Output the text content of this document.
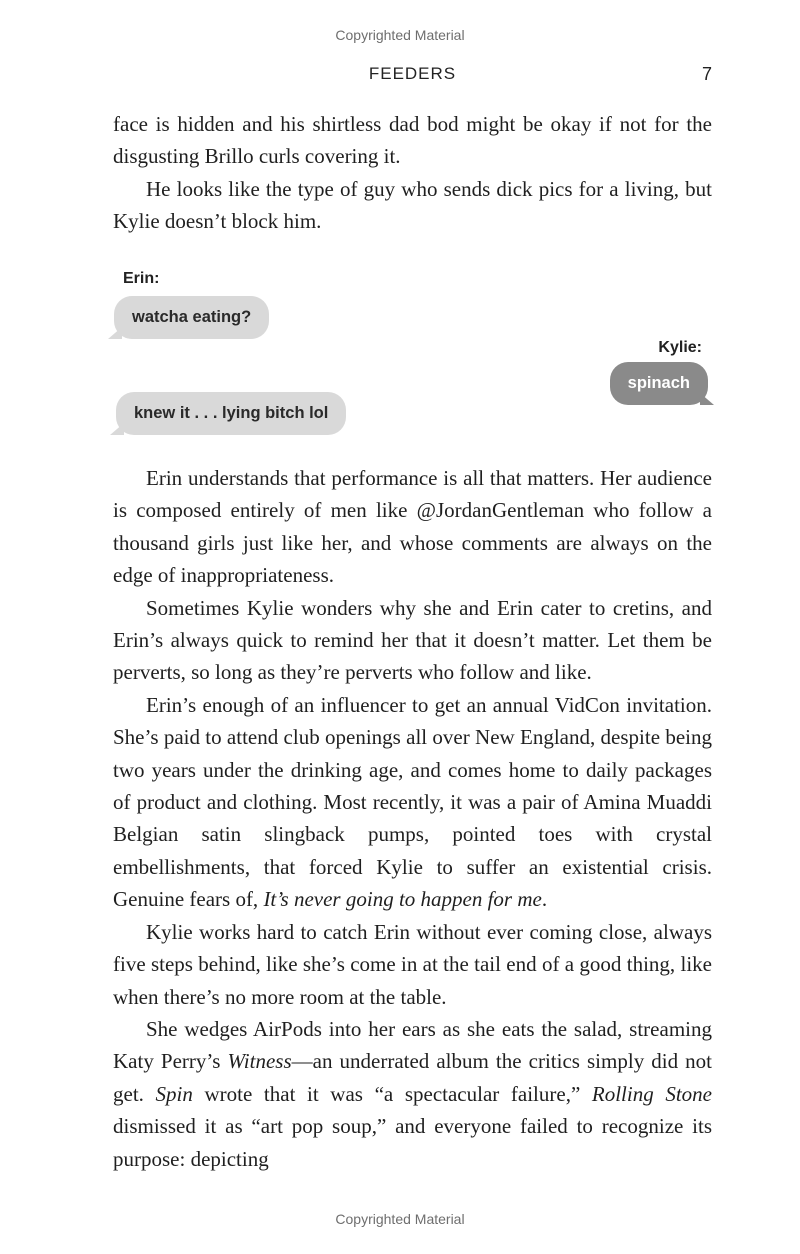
Copyrighted Material
FEEDERS	7

face is hidden and his shirtless dad bod might be okay if not for the disgusting Brillo curls covering it.

He looks like the type of guy who sends dick pics for a living, but Kylie doesn’t block him.

Erin:
watcha eating?
Kylie:
spinach
knew it . . . lying bitch lol

Erin understands that performance is all that matters. Her audience is composed entirely of men like @JordanGentleman who follow a thousand girls just like her, and whose comments are always on the edge of inappropriateness.

Sometimes Kylie wonders why she and Erin cater to cretins, and Erin’s always quick to remind her that it doesn’t matter. Let them be perverts, so long as they’re perverts who follow and like.

Erin’s enough of an influencer to get an annual VidCon invitation. She’s paid to attend club openings all over New England, despite being two years under the drinking age, and comes home to daily packages of product and clothing. Most recently, it was a pair of Amina Muaddi Belgian satin slingback pumps, pointed toes with crystal embellishments, that forced Kylie to suffer an existential crisis. Genuine fears of, It’s never going to happen for me.

Kylie works hard to catch Erin without ever coming close, always five steps behind, like she’s come in at the tail end of a good thing, like when there’s no more room at the table.

She wedges AirPods into her ears as she eats the salad, streaming Katy Perry’s Witness—an underrated album the critics simply did not get. Spin wrote that it was “a spectacular failure,” Rolling Stone dismissed it as “art pop soup,” and everyone failed to recognize its purpose: depicting

Copyrighted Material
